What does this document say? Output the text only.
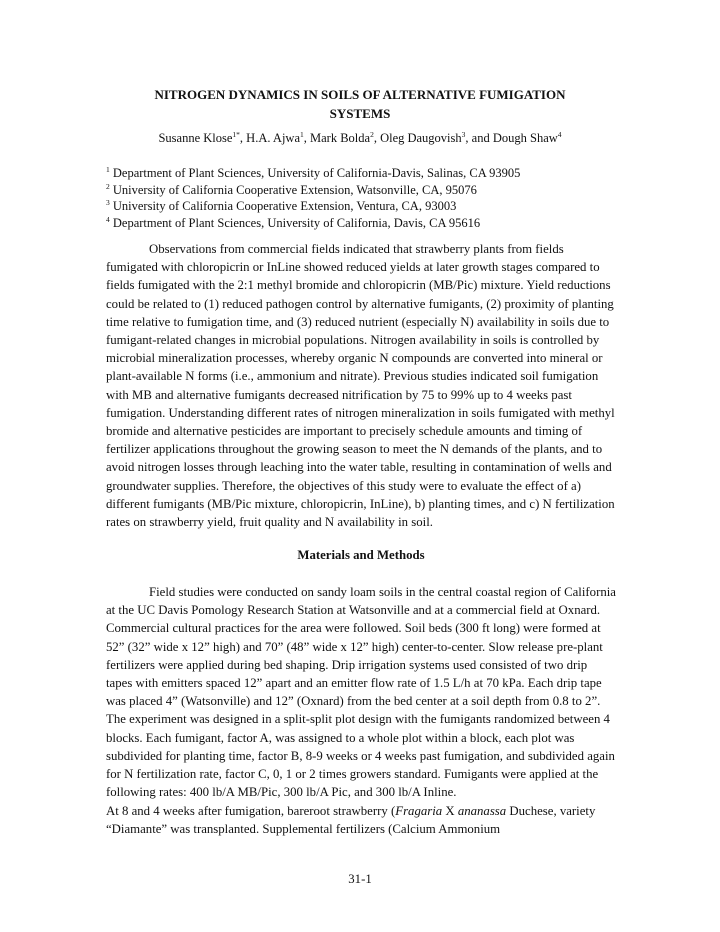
NITROGEN DYNAMICS IN SOILS OF ALTERNATIVE FUMIGATION
SYSTEMS
Susanne Klose$^{1*}$, H.A. Ajwa$^1$, Mark Bolda$^2$, Oleg Daugovish$^3$, and Dough Shaw$^4$
$^1$ Department of Plant Sciences, University of California-Davis, Salinas, CA 93905
$^2$ University of California Cooperative Extension, Watsonville, CA, 95076
$^3$ University of California Cooperative Extension, Ventura, CA, 93003
$^4$ Department of Plant Sciences, University of California, Davis, CA 95616

Observations from commercial fields indicated that strawberry plants from fields fumigated with chloropicrin or InLine showed reduced yields at later growth stages compared to fields fumigated with the 2:1 methyl bromide and chloropicrin (MB/Pic) mixture. Yield reductions could be related to (1) reduced pathogen control by alternative fumigants, (2) proximity of planting time relative to fumigation time, and (3) reduced nutrient (especially N) availability in soils due to fumigant-related changes in microbial populations. Nitrogen availability in soils is controlled by microbial mineralization processes, whereby organic N compounds are converted into mineral or plant-available N forms (i.e., ammonium and nitrate). Previous studies indicated soil fumigation with MB and alternative fumigants decreased nitrification by 75 to 99% up to 4 weeks past fumigation. Understanding different rates of nitrogen mineralization in soils fumigated with methyl bromide and alternative pesticides are important to precisely schedule amounts and timing of fertilizer applications throughout the growing season to meet the N demands of the plants, and to avoid nitrogen losses through leaching into the water table, resulting in contamination of wells and groundwater supplies. Therefore, the objectives of this study were to evaluate the effect of a) different fumigants (MB/Pic mixture, chloropicrin, InLine), b) planting times, and c) N fertilization rates on strawberry yield, fruit quality and N availability in soil.

Materials and Methods

Field studies were conducted on sandy loam soils in the central coastal region of California at the UC Davis Pomology Research Station at Watsonville and at a commercial field at Oxnard. Commercial cultural practices for the area were followed. Soil beds (300 ft long) were formed at 52” (32” wide x 12” high) and 70” (48” wide x 12” high) center-to-center. Slow release pre-plant fertilizers were applied during bed shaping. Drip irrigation systems used consisted of two drip tapes with emitters spaced 12” apart and an emitter flow rate of 1.5 L/h at 70 kPa. Each drip tape was placed 4” (Watsonville) and 12” (Oxnard) from the bed center at a soil depth from 0.8 to 2”. The experiment was designed in a split-split plot design with the fumigants randomized between 4 blocks. Each fumigant, factor A, was assigned to a whole plot within a block, each plot was subdivided for planting time, factor B, 8-9 weeks or 4 weeks past fumigation, and subdivided again for N fertilization rate, factor C, 0, 1 or 2 times growers standard. Fumigants were applied at the following rates: 400 lb/A MB/Pic, 300 lb/A Pic, and 300 lb/A Inline.

At 8 and 4 weeks after fumigation, bareroot strawberry (Fragaria X ananassa Duchese, variety “Diamante” was transplanted. Supplemental fertilizers (Calcium Ammonium

31-1
